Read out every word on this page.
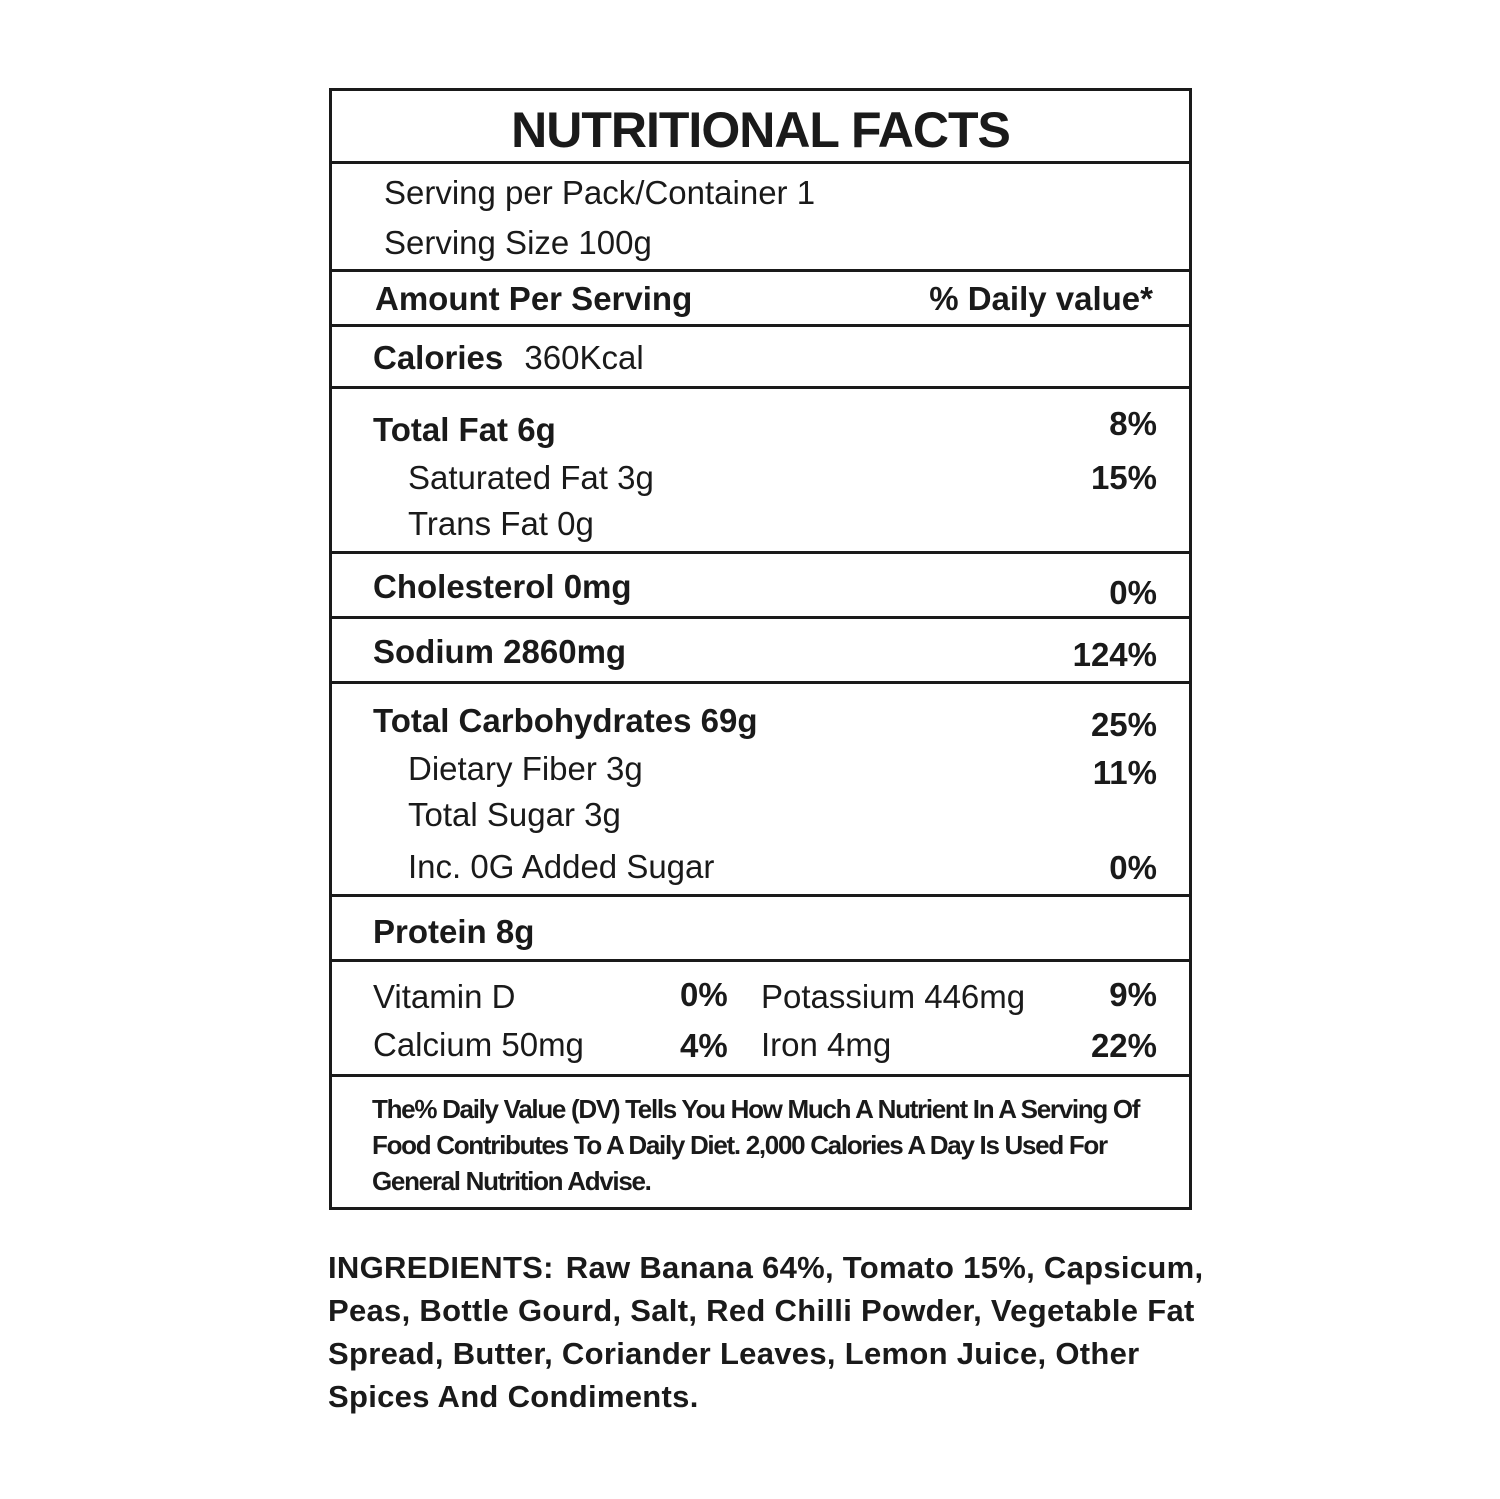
NUTRITIONAL FACTS
Serving per Pack/Container 1
Serving Size 100g
Amount Per Serving	% Daily value*
Calories 360Kcal
Total Fat 6g	8%
Saturated Fat 3g	15%
Trans Fat 0g
Cholesterol 0mg	0%
Sodium 2860mg	124%
Total Carbohydrates 69g	25%
Dietary Fiber 3g	11%
Total Sugar 3g
Inc. 0G Added Sugar	0%
Protein 8g
Vitamin D	0% Potassium 446mg	9%
Calcium 50mg	4% Iron 4mg	22%
The% Daily Value (DV) Tells You How Much A Nutrient In A Serving Of Food Contributes To A Daily Diet. 2,000 Calories A Day Is Used For General Nutrition Advise.

INGREDIENTS: Raw Banana 64%, Tomato 15%, Capsicum, Peas, Bottle Gourd, Salt, Red Chilli Powder, Vegetable Fat Spread, Butter, Coriander Leaves, Lemon Juice, Other Spices And Condiments.
